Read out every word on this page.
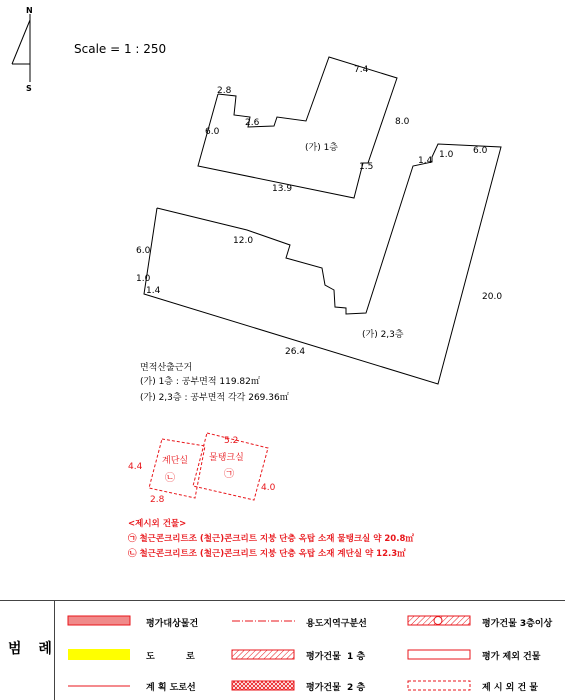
N
S
Scale = 1 : 250
2.8
2.6
6.0
7.4
8.0
1.5
13.9
(가) 1층
1.4
1.0 6.0
12.0
6.0
1.0
1.4
20.0
26.4
(가) 2,3층
면적산출근거
(가) 1층 : 공부면적 119.82㎡
(가) 2,3층 : 공부면적 각각 269.36㎡
계단실 물탱크실
5.2
4.4
2.8
4.0
㉡	㉠
<제시외 건물>
㉠ 철근콘크리트조 (철근)콘크리트 지붕 단층 옥탑 소재 물탱크실 약 20.8㎡
㉡ 철근콘크리트조 (철근)콘크리트 지붕 단층 옥탑 소재 계단실 약 12.3㎡
범 례
평가대상물건	용도지역구분선	평가건물 3층이상
도          로	평가건물  1 층	평가 제외 건물
계 획 도로선	평가건물  2 층	제 시 외 건 물
